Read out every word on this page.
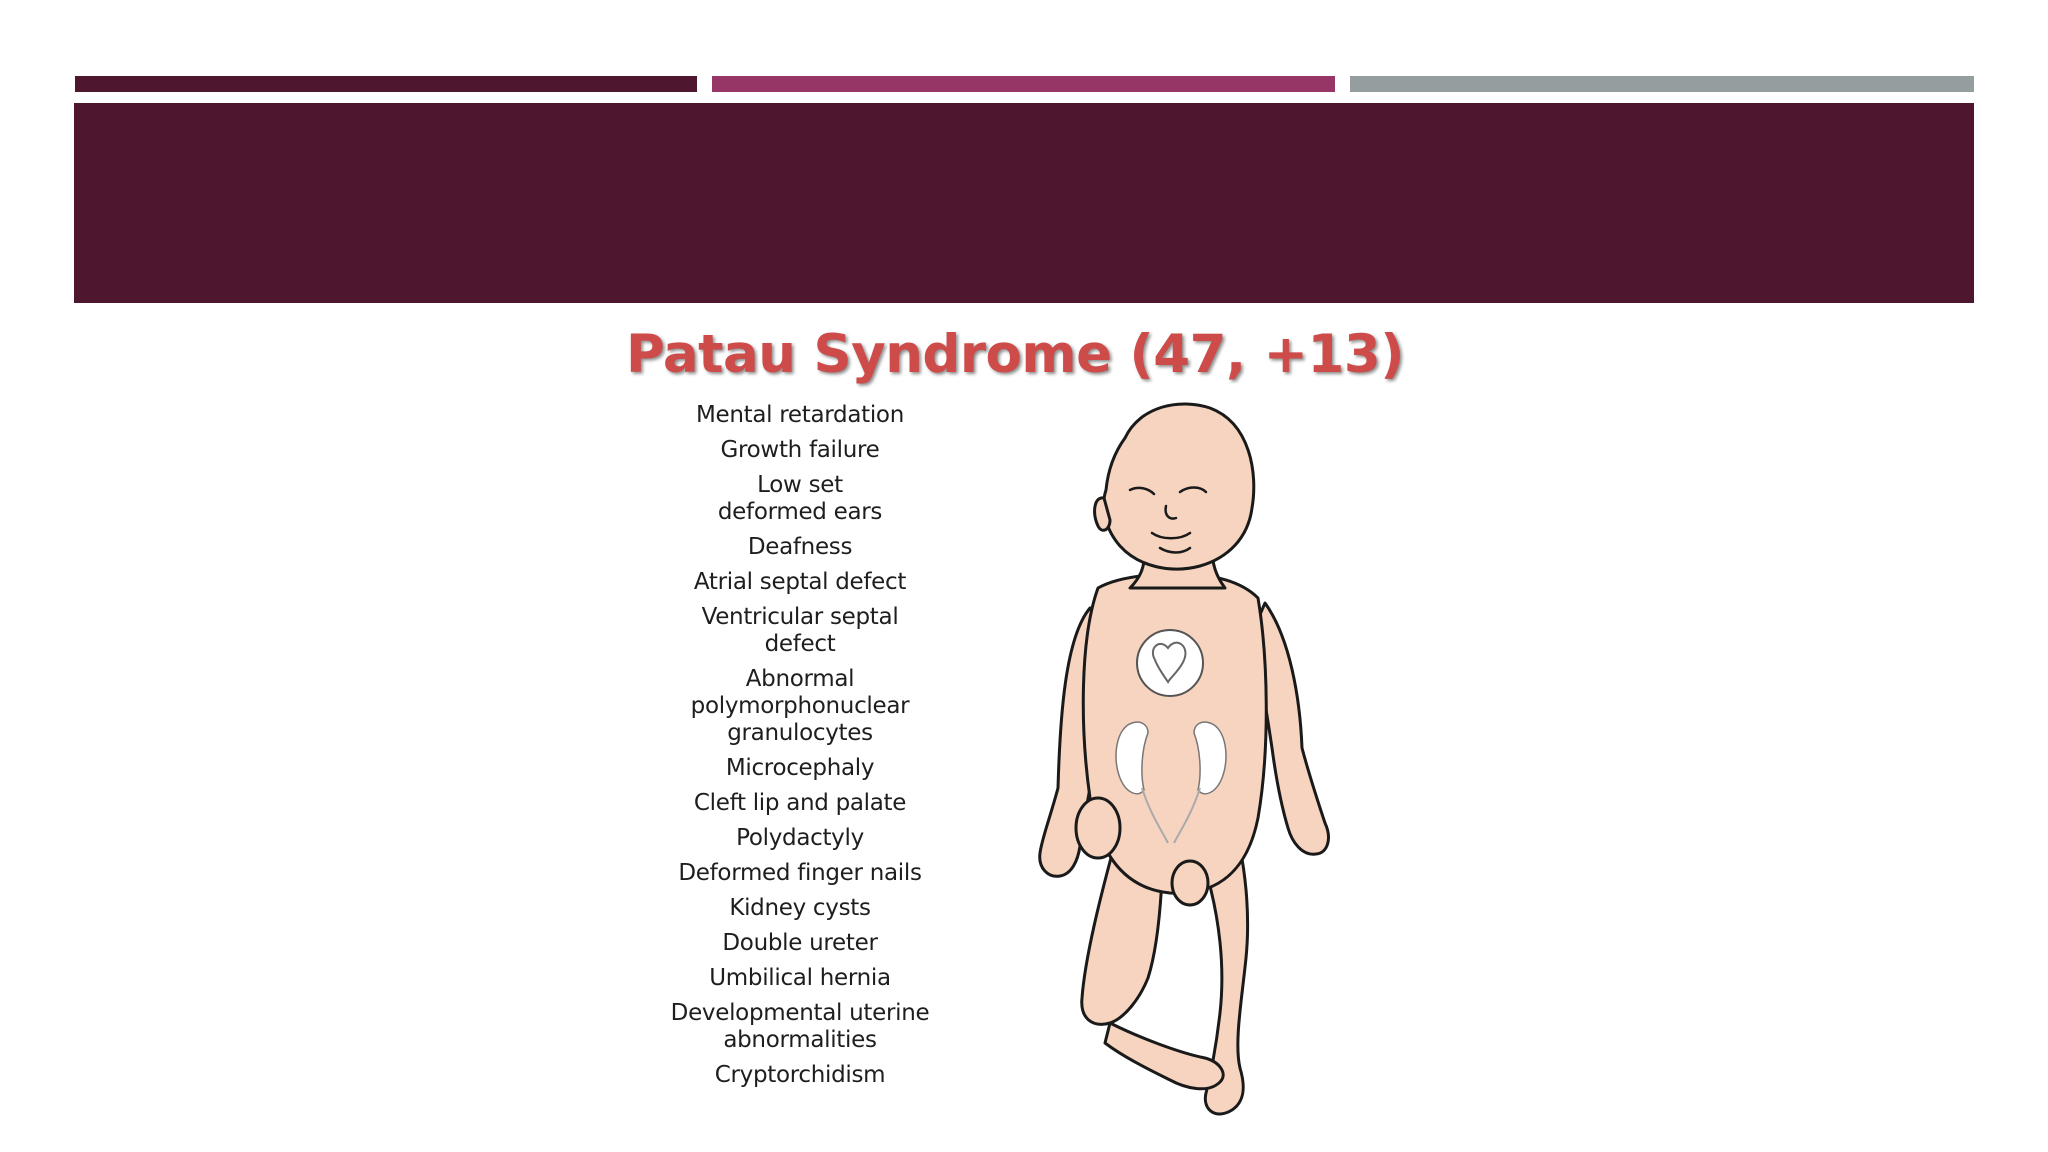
Patau Syndrome (47, +13)
Mental retardation
Growth failure
Low set
deformed ears
Deafness
Atrial septal defect
Ventricular septal
defect
Abnormal
polymorphonuclear
granulocytes
Microcephaly
Cleft lip and palate
Polydactyly
Deformed finger nails
Kidney cysts
Double ureter
Umbilical hernia
Developmental uterine
abnormalities
Cryptorchidism
